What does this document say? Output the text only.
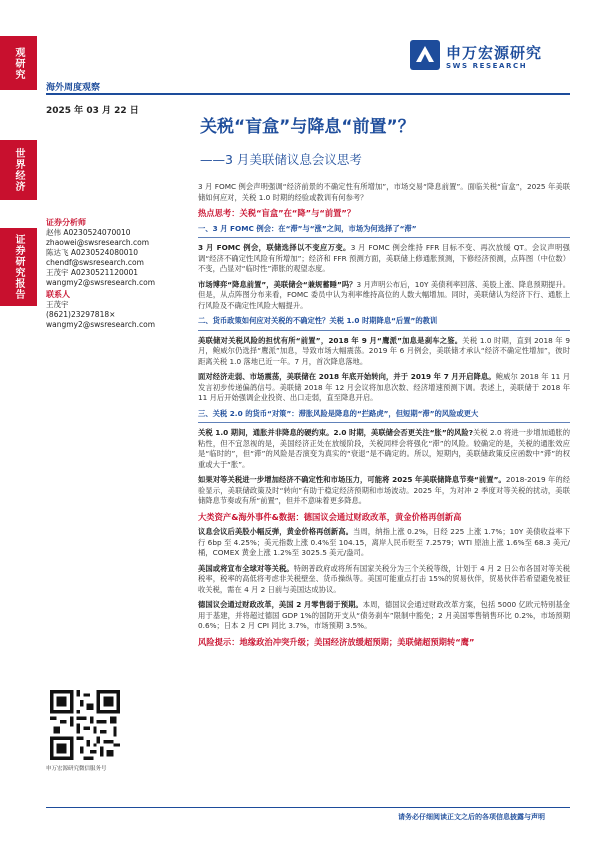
观研究
世界经济
证券研究报告
申万宏源研究
SWS RESEARCH
海外周度观察
2025 年 03 月 22 日
关税“盲盒”与降息“前置”？
——3 月美联储议息会议思考
证券分析师
赵伟 A0230524070010
zhaowei@swsresearch.com
陈达飞 A0230524080010
chendf@swsresearch.com
王茂宇 A0230521120001
wangmy2@swsresearch.com
联系人
王茂宇
(8621)23297818×
wangmy2@swsresearch.com

3 月 FOMC 例会声明强调“经济前景的不确定性有所增加”，市场交易“降息前置”。面临关税“盲盒”，2025 年美联储如何应对，关税 1.0 时期的经验或教训有何参考？

热点思考：关税“盲盒”在“降”与“前置”？
一、3 月 FOMC 例会：在“滞”与“涨”之间，市场为何选择了“滞”

3 月 FOMC 例会，联储选择以不变应万变。3 月 FOMC 例会维持 FFR 目标不变、再次放缓 QT。会议声明强调“经济不确定性风险有所增加”；经济和 FFR 预测方面，美联储上修通胀预测，下修经济预测，点阵图（中位数）不变，凸显对“临时性”滞胀的观望态度。

市场博弈“降息前置”，美联储会“兼规蓄睡”吗？3 月声明公布后，10Y 美债利率回落、美股上涨、降息预期提升。但是，从点阵图分布来看，FOMC 委员中认为利率维持高位的人数大幅增加。同时，美联储认为经济下行、通胀上行风险及不确定性风险大幅提升。

二、货币政策如何应对关税的不确定性？关税 1.0 时期降息“后置”的教训

美联储对关税风险的担忧有所“前置”，2018 年 9 月“鹰派”加息是刹车之鉴。关税 1.0 时期，直到 2018 年 9 月，鲍威尔仍选择“鹰派”加息，导致市场大幅震荡。2019 年 6 月例会，美联储才承认“经济不确定性增加”，彼时距离关税 1.0 落地已近一年。7 月，首次降息落地。

面对经济走弱、市场震荡，美联储在 2018 年底开始转向，并于 2019 年 7 月开启降息。鲍威尔 2018 年 11 月发言初步传递偏鸽信号。美联储 2018 年 12 月会议将加息次数、经济增速预测下调。表述上，美联储于 2018 年 11 月后开始强调企业投资、出口走弱，直至降息开启。

三、关税 2.0 的货币“对策”：滞胀风险是降息的“拦路虎”，但短期“滞”的风险或更大

关税 1.0 期间，通胀并非降息的硬约束。2.0 时期，美联储会否更关注“胀”的风险?关税 2.0 将进一步增加通胀的粘性，但不宜忽视的是，美国经济正处在放缓阶段，关税同样会将强化“滞”的风险。较确定的是，关税的通胀效应是“临时的”，但“滞”的风险是否演变为真实的“衰退”是不确定的。所以，短期内，美联储政策反应函数中“滞”的权重或大于“胀”。

如果对等关税进一步增加经济不确定性和市场压力，可能将 2025 年美联储降息节奏“前置”。2018-2019 年的经验显示，美联储政策及时“转向”有助于稳定经济预期和市场波动。2025 年，为对冲 2 季度对等关税的扰动，美联储降息节奏或有所“前置”，但并不意味着更多降息。

大类资产&海外事件&数据：德国议会通过财政改革，黄金价格再创新高

议息会议后美股小幅反弹，黄金价格再创新高。当周，纳指上涨 0.2%，日经 225 上涨 1.7%；10Y 美债收益率下行 6bp 至 4.25%；美元指数上涨 0.4%至 104.15，离岸人民币贬至 7.2579；WTI 原油上涨 1.6%至 68.3 美元/桶，COMEX 黄金上涨 1.2%至 3025.5 美元/盎司。

美国或将宣布全球对等关税。特朗普政府或将所有国家关税分为三个关税等级，计划于 4 月 2 日公布各国对等关税税率，税率的高低将考虑非关税壁垒、货币操纵等。美国可能重点打击 15%的贸易伙伴，贸易伙伴若希望避免被征收关税，需在 4 月 2 日前与美国达成协议。

德国议会通过财政改革，美国 2 月零售弱于预期。本周，德国议会通过财政改革方案，包括 5000 亿欧元特别基金用于基建，并将超过德国 GDP 1%的国防开支从“债务刹车”限制中豁免；2 月美国零售销售环比 0.2%，市场预期 0.6%；日本 2 月 CPI 同比 3.7%，市场预期 3.5%。

风险提示：地缘政治冲突升级；美国经济放缓超预期；美联储超预期转“鹰”

申万宏源研究微信服务号
请务必仔细阅读正文之后的各项信息披露与声明
